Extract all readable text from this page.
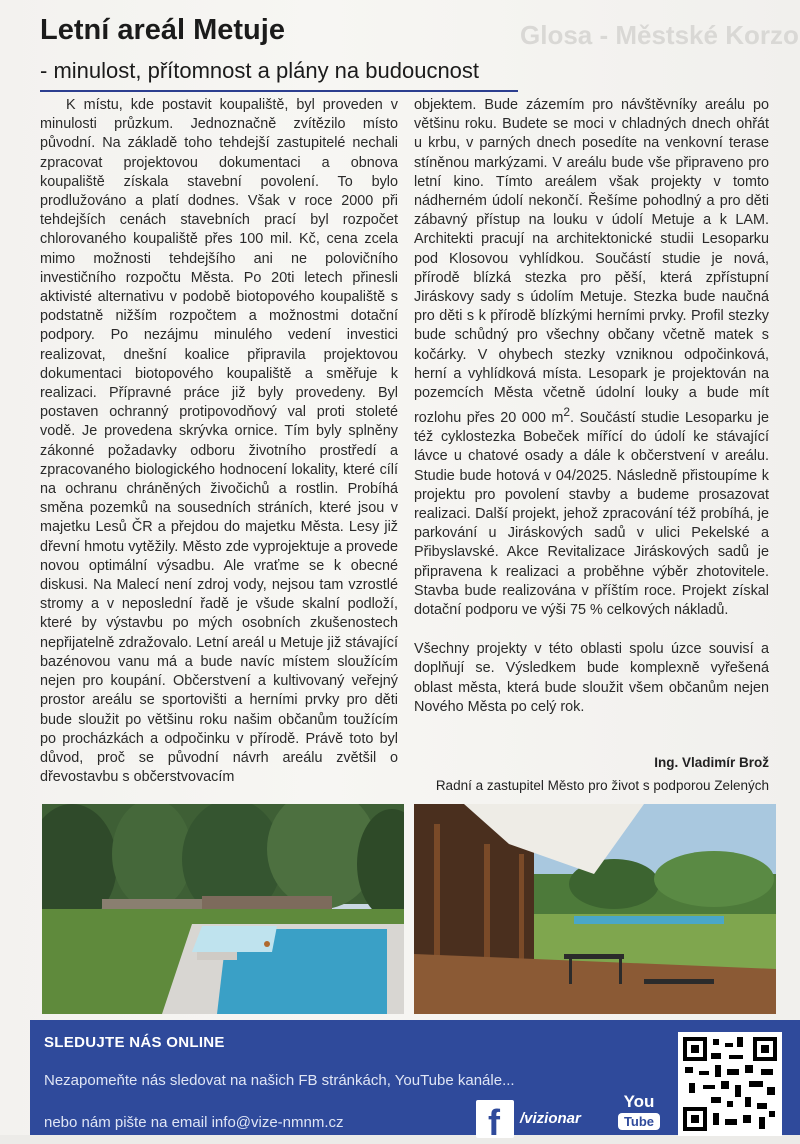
Glosa - Městské Korzo
Letní areál Metuje
- minulost, přítomnost a plány na budoucnost

K místu, kde postavit koupaliště, byl proveden v minulosti průzkum. Jednoznačně zvítězilo místo původní. Na základě toho tehdejší zastupitelé nechali zpracovat projektovou dokumentaci a obnova koupaliště získala stavební povolení. To bylo prodlužováno a platí dodnes. Však v roce 2000 při tehdejších cenách stavebních prací byl rozpočet chlorovaného koupaliště přes 100 mil. Kč, cena zcela mimo možnosti tehdejšího ani ne polovičního investičního rozpočtu Města. Po 20ti letech přinesli aktivisté alternativu v podobě biotopového koupaliště s podstatně nižším rozpočtem a možnostmi dotační podpory. Po nezájmu minulého vedení investici realizovat, dnešní koalice připravila projektovou dokumentaci biotopového koupaliště a směřuje k realizaci. Přípravné práce již byly provedeny. Byl postaven ochranný protipovodňový val proti stoleté vodě. Je provedena skrývka ornice. Tím byly splněny zákonné požadavky odboru životního prostředí a zpracovaného biologického hodnocení lokality, které cílí na ochranu chráněných živočichů a rostlin. Probíhá směna pozemků na sousedních stráních, které jsou v majetku Lesů ČR a přejdou do majetku Města. Lesy již dřevní hmotu vytěžily. Město zde vyprojektuje a provede novou optimální výsadbu. Ale vraťme se k obecné diskusi. Na Malecí není zdroj vody, nejsou tam vzrostlé stromy a v neposlední řadě je všude skalní podloží, které by výstavbu po mých osobních zkušenostech nepřijatelně zdražovalo. Letní areál u Metuje již stávající bazénovou vanu má a bude navíc místem sloužícím nejen pro koupání. Občerstvení a kultivovaný veřejný prostor areálu se sportovišti a herními prvky pro děti bude sloužit po většinu roku našim občanům toužícím po procházkách a odpočinku v přírodě. Právě toto byl důvod, proč se původní návrh areálu zvětšil o dřevostavbu s občerstvovacím

objektem. Bude zázemím pro návštěvníky areálu po většinu roku. Budete se moci v chladných dnech ohřát u krbu, v parných dnech posedíte na venkovní terase stíněnou markýzami. V areálu bude vše připraveno pro letní kino. Tímto areálem však projekty v tomto nádherném údolí nekončí. Řešíme pohodlný a pro děti zábavný přístup na louku v údolí Metuje a k LAM. Architekti pracují na architektonické studii Lesoparku pod Klosovou vyhlídkou. Součástí studie je nová, přírodě blízká stezka pro pěší, která zpřístupní Jiráskovy sady s údolím Metuje. Stezka bude naučná pro děti s k přírodě blízkými herními prvky. Profil stezky bude schůdný pro všechny občany včetně matek s kočárky. V ohybech stezky vzniknou odpočinková, herní a vyhlídková místa. Lesopark je projektován na pozemcích Města včetně údolní louky a bude mít rozlohu přes 20 000 $m^2$. Součástí studie Lesoparku je též cyklostezka Bobeček mířící do údolí ke stávající lávce u chatové osady a dále k občerstvení v areálu. Studie bude hotová v 04/2025. Následně přistoupíme k projektu pro povolení stavby a budeme prosazovat realizaci. Další projekt, jehož zpracování též probíhá, je parkování u Jiráskových sadů v ulici Pekelské a Přibyslavské. Akce Revitalizace Jiráskových sadů je připravena k realizaci a proběhne výběr zhotovitele. Stavba bude realizována v příštím roce. Projekt získal dotační podporu ve výši 75 % celkových nákladů.

Všechny projekty v této oblasti spolu úzce souvisí a doplňují se. Výsledkem bude komplexně vyřešená oblast města, která bude sloužit všem občanům nejen Nového Města po celý rok.

Ing. Vladimír Brož
Radní a zastupitel Město pro život s podporou Zelených
SLEDUJTE NÁS ONLINE
Nezapomeňte nás sledovat na našich FB stránkách, YouTube kanále...
nebo nám pište na email info@vize-nmnm.cz	f /vizionar
You
Tube
